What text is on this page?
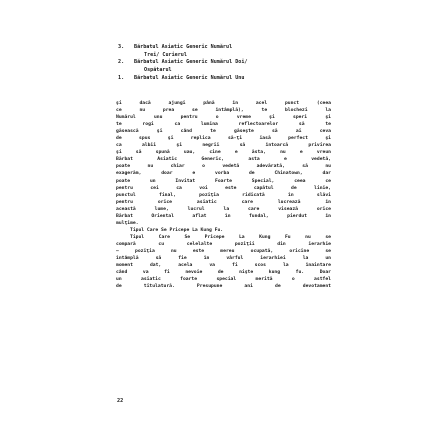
3. Bărbatul Asiatic Generic Numărul
Trei/ Curierul
2. Bărbatul Asiatic Generic Numărul Doi/
Ospătarul
1. Bărbatul Asiatic Generic Numărul Unu
şi dacă ajungi până în acel punct (ceea
ce nu prea se întâmplă), te blochezi la
Numărul unu pentru o vreme şi speri şi
te rogi ca lumina reflectoarelor să te
găsească şi când te găseşte să ai ceva
de spus şi replica să-ţi iasă perfect şi
ca albii şi negrii să întoarcă privirea
şi să spună uau, cine e ăsta, nu e vreun
Bărbat Asiatic Generic, asta e vedetă,
poate nu chiar o vedetă adevărată, să nu
exagerăm, doar e vorba de Chinatown, dar
poate un Invitat Foarte Special, ceea ce
pentru cei ca voi este capătul de linie,
punctul final, poziţia ridicată în slăvi
pentru orice asiatic care lucrează în
această lume, lucrul la care visează orice
Bărbat Oriental aflat în fundal, pierdut în
mulţime.
Tipul Care Se Pricepe La Kung Fu.
Tipul Care Se Pricepe La Kung Fu nu se
compară cu celelalte poziţii din ierarhie
– poziţia nu este mereu ocupată, oricine se
întâmplă să fie în vârful ierarhiei la un
moment dat, acela va fi scos la înaintare
când va fi nevoie de nişte kung fu. Doar
un asiatic foarte special merită o astfel
de titulatură. Presupune ani de devotament
22
